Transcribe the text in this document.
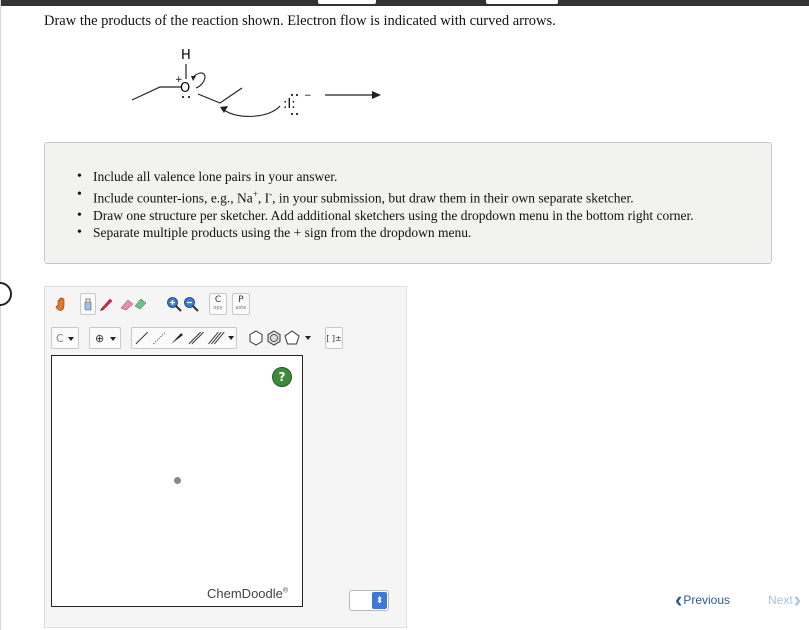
Draw the products of the reaction shown. Electron flow is indicated with curved arrows.
H
O
+
:I:
−
• Include all valence lone pairs in your answer.
• Include counter-ions, e.g., Na+, I-, in your submission, but draw them in their own separate sketcher.
• Draw one structure per sketcher. Add additional sketchers using the dropdown menu in the bottom right corner.
• Separate multiple products using the + sign from the dropdown menu.
C
opy
P
aste
C	⊕	[ ]±
?
ChemDoodle®
⬍	‹ Previous	Next ›
